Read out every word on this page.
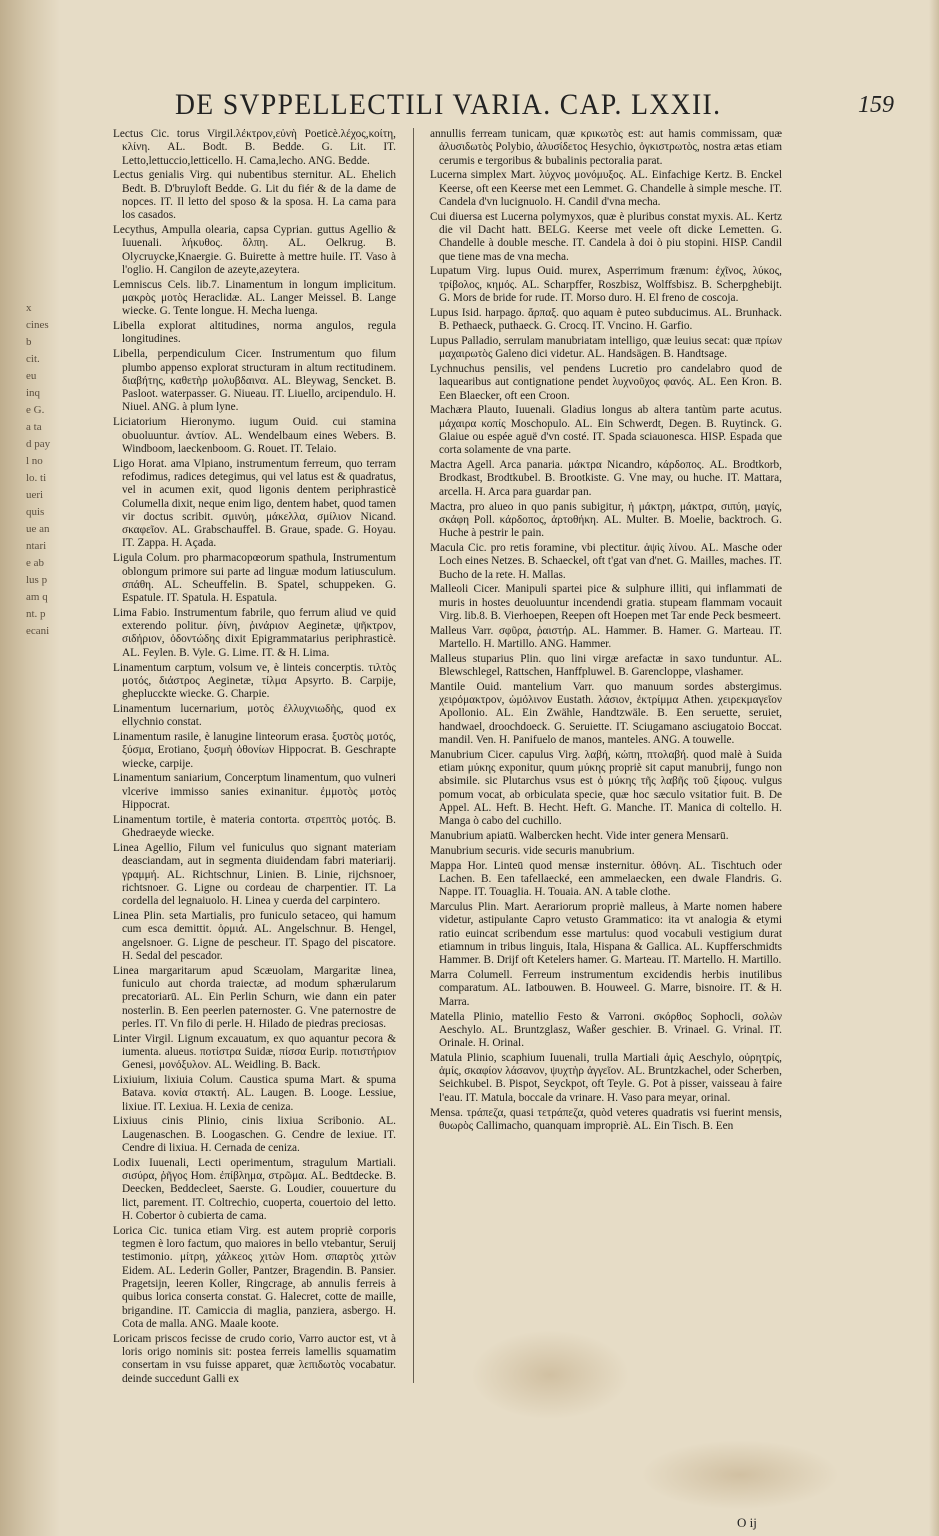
x
cines
b
cit.
eu
inq
e G.
a ta
d pay
l no
lo. ti
ueri
quis
ue an
ntari
e ab
lus p
am q
nt. p
ecani
DE SVPPELLECTILI VARIA. CAP. LXXII.	159
Lectus Cic. torus Virgil.λέκτρον,εὐνὴ Poeticè.λέχος,κοίτη, κλίνη. AL. Bodt. B. Bedde. G. Lit. IT. Letto,lettuccio,letticello. H. Cama,lecho. ANG. Bedde.
Lectus genialis Virg. qui nubentibus sternitur. AL. Ehelich Bedt. B. D'bruyloft Bedde. G. Lit du fiér & de la dame de nopces. IT. Il letto del sposo & la sposa. H. La cama para los casados.
Lecythus, Ampulla olearia, capsa Cyprian. guttus Agellio & Iuuenali. λήκυθος. ὄλπη. AL. Oelkrug. B. Olycruycke,Knaergie. G. Buirette à mettre huile. IT. Vaso à l'oglio. H. Cangilon de azeyte,azeytera.
Lemniscus Cels. lib.7. Linamentum in longum implicitum. μακρὸς μοτὸς Heraclidæ. AL. Langer Meissel. B. Lange wiecke. G. Tente longue. H. Mecha luenga.
Libella explorat altitudines, norma angulos, regula longitudines.
Libella, perpendiculum Cicer. Instrumentum quo filum plumbo appenso explorat structuram in altum rectitudinem. διαβήτης, καθετὴρ μολυβδαινα. AL. Bleywag, Sencket. B. Pasloot. waterpasser. G. Niueau. IT. Liuello, arcipendulo. H. Niuel. ANG. à plum lyne.
Liciatorium Hieronymo. iugum Ouid. cui stamina obuoluuntur. ἀντίον. AL. Wendelbaum eines Webers. B. Windboom, laeckenboom. G. Rouet. IT. Telaio.
Ligo Horat. ama Vlpiano, instrumentum ferreum, quo terram refodimus, radices detegimus, qui vel latus est & quadratus, vel in acumen exit, quod ligonis dentem periphrasticè Columella dixit, neque enim ligo, dentem habet, quod tamen vir doctus scribit. σμινύη, μάκελλα, σμίλιον Nicand. σκαφεῖον. AL. Grabschauffel. B. Graue, spade. G. Hoyau. IT. Zappa. H. Açada.
Ligula Colum. pro pharmacopœorum spathula, Instrumentum oblongum primore sui parte ad linguæ modum latiusculum. σπάθη. AL. Scheuffelin. B. Spatel, schuppeken. G. Espatule. IT. Spatula. H. Espatula.
Lima Fabio. Instrumentum fabrile, quo ferrum aliud ve quid exterendo politur. ῥίνη, ῥινάριον Aeginetæ, ψῆκτρον, σιδήριον, ὀδοντώδης dixit Epigrammatarius periphrasticè. AL. Feylen. B. Vyle. G. Lime. IT. & H. Lima.
Linamentum carptum, volsum ve, è linteis concerptis. τιλτὸς μοτός, διάστρος Aeginetæ, τίλμα Apsyrto. B. Carpije, gheplucckte wiecke. G. Charpie.
Linamentum lucernarium, μοτὸς ἐλλυχνιωδὴς, quod ex ellychnio constat.
Linamentum rasile, è lanugine linteorum erasa. ξυστὸς μοτός, ξύσμα, Erotiano, ξυσμὴ ὀθονίων Hippocrat. B. Geschrapte wiecke, carpije.
Linamentum saniarium, Concerptum linamentum, quo vulneri vlcerive immisso sanies exinanitur. ἐμμοτὸς μοτὸς Hippocrat.
Linamentum tortile, è materia contorta. στρεπτὸς μοτός. B. Ghedraeyde wiecke.
Linea Agellio, Filum vel funiculus quo signant materiam deasciandam, aut in segmenta diuidendam fabri materiarij. γραμμή. AL. Richtschnur, Linien. B. Linie, rijchsnoer, richtsnoer. G. Ligne ou cordeau de charpentier. IT. La cordella del legnaiuolo. H. Linea y cuerda del carpintero.
Linea Plin. seta Martialis, pro funiculo setaceo, qui hamum cum esca demittit. ὁρμιά. AL. Angelschnur. B. Hengel, angelsnoer. G. Ligne de pescheur. IT. Spago del piscatore. H. Sedal del pescador.
Linea margaritarum apud Scæuolam, Margaritæ linea, funiculo aut chorda traiectæ, ad modum sphærularum precatoriarū. AL. Ein Perlin Schurn, wie dann ein pater nosterlin. B. Een peerlen paternoster. G. Vne paternostre de perles. IT. Vn filo di perle. H. Hilado de piedras preciosas.
Linter Virgil. Lignum excauatum, ex quo aquantur pecora & iumenta. alueus. ποτίστρα Suidæ, πίσσα Eurip. ποτιστήριον Genesi, μονόξυλον. AL. Weidling. B. Back.
Lixiuium, lixiuia Colum. Caustica spuma Mart. & spuma Batava. κονία στακτή. AL. Laugen. B. Looge. Lessiue, lixiue. IT. Lexiua. H. Lexia de ceniza.
Lixiuus cinis Plinio, cinis lixiua Scribonio. AL. Laugenaschen. B. Loogaschen. G. Cendre de lexiue. IT. Cendre di lixiua. H. Cernada de ceniza.
Lodix Iuuenali, Lecti operimentum, stragulum Martiali. σισύρα, ῥῆγος Hom. ἐπίβλημα, στρῶμα. AL. Bedtdecke. B. Deecken, Beddecleet, Saerste. G. Loudier, couuerture du lict, parement. IT. Coltrechio, cuoperta, couertoio del letto. H. Cobertor ò cubierta de cama.
Lorica Cic. tunica etiam Virg. est autem propriè corporis tegmen è loro factum, quo maiores in bello vtebantur, Seruij testimonio. μίτρη, χάλκεος χιτὼν Hom. σπαρτὸς χιτὼν Eidem. AL. Lederin Goller, Pantzer, Bragendin. B. Pansier. Pragetsijn, leeren Koller, Ringcrage, ab annulis ferreis à quibus lorica conserta constat. G. Halecret, cotte de maille, brigandine. IT. Camiccia di maglia, panziera, asbergo. H. Cota de malla. ANG. Maale koote.
Loricam priscos fecisse de crudo corio, Varro auctor est, vt à loris origo nominis sit: postea ferreis lamellis squamatim consertam in vsu fuisse apparet, quæ λεπιδωτὸς vocabatur. deinde succedunt Galli ex
annullis ferream tunicam, quæ κρικωτὸς est: aut hamis commissam, quæ ἁλυσιδωτὸς Polybio, ἁλυσίδετος Hesychio, ὀγκιστρωτὸς, nostra ætas etiam cerumis e tergoribus & bubalinis pectoralia parat.
Lucerna simplex Mart. λύχνος μονόμυξος. AL. Einfachige Kertz. B. Enckel Keerse, oft een Keerse met een Lemmet. G. Chandelle à simple mesche. IT. Candela d'vn lucignuolo. H. Candil d'vna mecha.
Cui diuersa est Lucerna polymyxos, quæ è pluribus constat myxis. AL. Kertz die vil Dacht hatt. BELG. Keerse met veele oft dicke Lemetten. G. Chandelle à double mesche. IT. Candela à doi ò piu stopini. HISP. Candil que tiene mas de vna mecha.
Lupatum Virg. lupus Ouid. murex, Asperrimum frænum: ἐχῖνος, λύκος, τρίβολος, κημός. AL. Scharpffer, Roszbisz, Wolffsbisz. B. Scherpghebijt. G. Mors de bride for rude. IT. Morso duro. H. El freno de coscoja.
Lupus Isid. harpago. ἅρπαξ. quo aquam è puteo subducimus. AL. Brunhack. B. Pethaeck, puthaeck. G. Crocq. IT. Vncino. H. Garfio.
Lupus Palladio, serrulam manubriatam intelligo, quæ leuius secat: quæ πρίων μαχαιρωτὸς Galeno dici videtur. AL. Handsägen. B. Handtsage.
Lychnuchus pensilis, vel pendens Lucretio pro candelabro quod de laquearibus aut contignatione pendet λυχνοῦχος φανός. AL. Een Kron. B. Een Blaecker, oft een Croon.
Machæra Plauto, Iuuenali. Gladius longus ab altera tantùm parte acutus. μάχαιρα κοπίς Moschopulo. AL. Ein Schwerdt, Degen. B. Ruytinck. G. Glaiue ou espée aguë d'vn costé. IT. Spada sciauonesca. HISP. Espada que corta solamente de vna parte.
Mactra Agell. Arca panaria. μάκτρα Nicandro, κάρδοπος. AL. Brodtkorb, Brodkast, Brodtkubel. B. Brootkiste. G. Vne may, ou huche. IT. Mattara, arcella. H. Arca para guardar pan.
Mactra, pro alueo in quo panis subigitur, ἡ μάκτρη, μάκτρα, σιπύη, μαγίς, σκάφη Poll. κάρδοπος, ἀρτοθήκη. AL. Multer. B. Moelie, backtroch. G. Huche à pestrir le pain.
Macula Cic. pro retis foramine, vbi plectitur. ἀψὶς λίνου. AL. Masche oder Loch eines Netzes. B. Schaeckel, oft t'gat van d'net. G. Mailles, maches. IT. Bucho de la rete. H. Mallas.
Malleoli Cicer. Manipuli spartei pice & sulphure illiti, qui inflammati de muris in hostes deuoluuntur incendendi gratia. stupeam flammam vocauit Virg. lib.8. B. Vierhoepen, Reepen oft Hoepen met Tar ende Peck besmeert.
Malleus Varr. σφῦρα, ῥαιστήρ. AL. Hammer. B. Hamer. G. Marteau. IT. Martello. H. Martillo. ANG. Hammer.
Malleus stuparius Plin. quo lini virgæ arefactæ in saxo tunduntur. AL. Blewschlegel, Rattschen, Hanffpluwel. B. Garencloppe, vlashamer.
Mantile Ouid. mantelium Varr. quo manuum sordes abstergimus. χειρόμακτρον, ὠμόλινον Eustath. λάσιον, ἐκτρίμμα Athen. χειρεκμαγεῖον Apollonio. AL. Ein Zwähle, Handtzwäle. B. Een seruette, seruiet, handwael, droochdoeck. G. Seruiette. IT. Sciugamano asciugatoio Boccat. mandil. Ven. H. Panifuelo de manos, manteles. ANG. A touwelle.
Manubrium Cicer. capulus Virg. λαβή, κώπη, πτολαβή. quod malè à Suida etiam μύκης exponitur, quum μύκης propriè sit caput manubrij, fungo non absimile. sic Plutarchus vsus est ὁ μύκης τῆς λαβῆς τοῦ ξίφους. vulgus pomum vocat, ab orbiculata specie, quæ hoc sæculo vsitatior fuit. B. De Appel. AL. Heft. B. Hecht. Heft. G. Manche. IT. Manica di coltello. H. Manga ò cabo del cuchillo.
Manubrium apiatū. Walbercken hecht. Vide inter genera Mensarū.
Manubrium securis. vide securis manubrium.
Mappa Hor. Linteū quod mensæ insternitur. ὀθόνη. AL. Tischtuch oder Lachen. B. Een tafellaecké, een ammelaecken, een dwale Flandris. G. Nappe. IT. Touaglia. H. Touaia. AN. A table clothe.
Marculus Plin. Mart. Aerariorum propriè malleus, à Marte nomen habere videtur, astipulante Capro vetusto Grammatico: ita vt analogia & etymi ratio euincat scribendum esse martulus: quod vocabuli vestigium durat etiamnum in tribus linguis, Itala, Hispana & Gallica. AL. Kupfferschmidts Hammer. B. Drijf oft Ketelers hamer. G. Marteau. IT. Martello. H. Martillo.
Marra Columell. Ferreum instrumentum excidendis herbis inutilibus comparatum. AL. Iatbouwen. B. Houweel. G. Marre, bisnoire. IT. & H. Marra.
Matella Plinio, matellio Festo & Varroni. σκόρθος Sophocli, σολὼν Aeschylo. AL. Bruntzglasz, Waßer geschier. B. Vrinael. G. Vrinal. IT. Orinale. H. Orinal.
Matula Plinio, scaphium Iuuenali, trulla Martiali ἀμὶς Aeschylo, οὐρητρίς, ἀμίς, σκαφίον λάσανον, ψυχτὴρ ἀγγεῖον. AL. Bruntzkachel, oder Scherben, Seichkubel. B. Pispot, Seyckpot, oft Teyle. G. Pot à pisser, vaisseau à faire l'eau. IT. Matula, boccale da vrinare. H. Vaso para meyar, orinal.
Mensa. τράπεζα, quasi τετράπεζα, quòd veteres quadratis vsi fuerint mensis, θυωρὸς Callimacho, quanquam impropriè. AL. Ein Tisch. B. Een
O ij
